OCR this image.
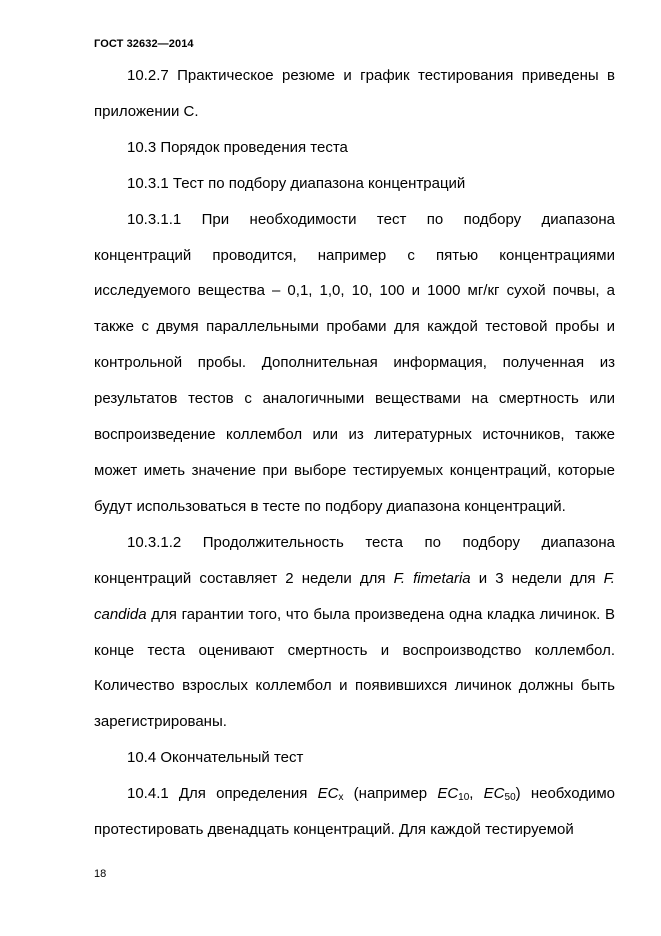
ГОСТ 32632—2014

10.2.7 Практическое резюме и график тестирования приведены в приложении С.

10.3 Порядок проведения теста

10.3.1 Тест по подбору диапазона концентраций

10.3.1.1 При необходимости тест по подбору диапазона концентраций проводится, например с пятью концентрациями исследуемого вещества – 0,1, 1,0, 10, 100 и 1000 мг/кг сухой почвы, а также с двумя параллельными пробами для каждой тестовой пробы и контрольной пробы. Дополнительная информация, полученная из результатов тестов с аналогичными веществами на смертность или воспроизведение коллембол или из литературных источников, также может иметь значение при выборе тестируемых концентраций, которые будут использоваться в тесте по подбору диапазона концентраций.

10.3.1.2 Продолжительность теста по подбору диапазона концентраций составляет 2 недели для F. fimetaria и 3 недели для F. candida для гарантии того, что была произведена одна кладка личинок. В конце теста оценивают смертность и воспроизводство коллембол. Количество взрослых коллембол и появившихся личинок должны быть зарегистрированы.

10.4 Окончательный тест

10.4.1 Для определения $EC_x$ (например $EC_{10}$, $EC_{50}$) необходимо протестировать двенадцать концентраций. Для каждой тестируемой

18
